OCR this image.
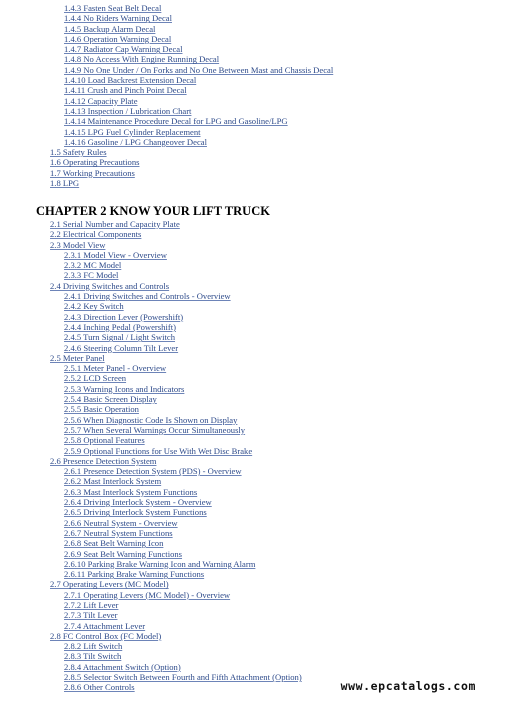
1.4.3 Fasten Seat Belt Decal
1.4.4 No Riders Warning Decal
1.4.5 Backup Alarm Decal
1.4.6 Operation Warning Decal
1.4.7 Radiator Cap Warning Decal
1.4.8 No Access With Engine Running Decal
1.4.9 No One Under / On Forks and No One Between Mast and Chassis Decal
1.4.10 Load Backrest Extension Decal
1.4.11 Crush and Pinch Point Decal
1.4.12 Capacity Plate
1.4.13 Inspection / Lubrication Chart
1.4.14 Maintenance Procedure Decal for LPG and Gasoline/LPG
1.4.15 LPG Fuel Cylinder Replacement
1.4.16 Gasoline / LPG Changeover Decal
1.5 Safety Rules
1.6 Operating Precautions
1.7 Working Precautions
1.8 LPG
CHAPTER 2 KNOW YOUR LIFT TRUCK
2.1 Serial Number and Capacity Plate
2.2 Electrical Components
2.3 Model View
2.3.1 Model View - Overview
2.3.2 MC Model
2.3.3 FC Model
2.4 Driving Switches and Controls
2.4.1 Driving Switches and Controls - Overview
2.4.2 Key Switch
2.4.3 Direction Lever (Powershift)
2.4.4 Inching Pedal (Powershift)
2.4.5 Turn Signal / Light Switch
2.4.6 Steering Column Tilt Lever
2.5 Meter Panel
2.5.1 Meter Panel - Overview
2.5.2 LCD Screen
2.5.3 Warning Icons and Indicators
2.5.4 Basic Screen Display
2.5.5 Basic Operation
2.5.6 When Diagnostic Code Is Shown on Display
2.5.7 When Several Warnings Occur Simultaneously
2.5.8 Optional Features
2.5.9 Optional Functions for Use With Wet Disc Brake
2.6 Presence Detection System
2.6.1 Presence Detection System (PDS) - Overview
2.6.2 Mast Interlock System
2.6.3 Mast Interlock System Functions
2.6.4 Driving Interlock System - Overview
2.6.5 Driving Interlock System Functions
2.6.6 Neutral System - Overview
2.6.7 Neutral System Functions
2.6.8 Seat Belt Warning Icon
2.6.9 Seat Belt Warning Functions
2.6.10 Parking Brake Warning Icon and Warning Alarm
2.6.11 Parking Brake Warning Functions
2.7 Operating Levers (MC Model)
2.7.1 Operating Levers (MC Model) - Overview
2.7.2 Lift Lever
2.7.3 Tilt Lever
2.7.4 Attachment Lever
2.8 FC Control Box (FC Model)
2.8.2 Lift Switch
2.8.3 Tilt Switch
2.8.4 Attachment Switch (Option)
2.8.5 Selector Switch Between Fourth and Fifth Attachment (Option)
2.8.6 Other Controls	www.epcatalogs.com
